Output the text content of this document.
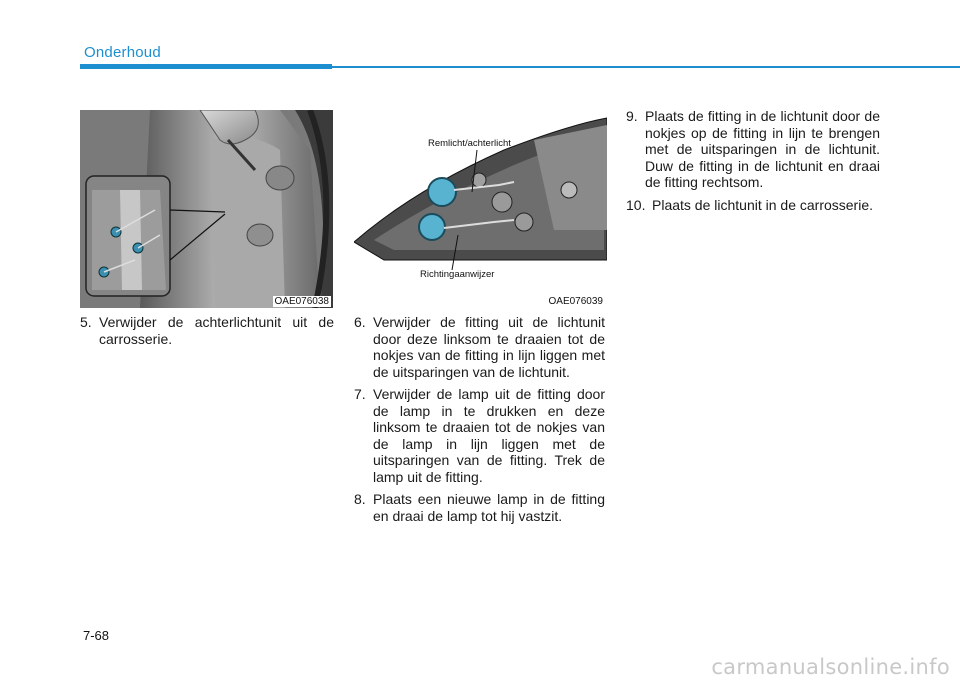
Onderhoud
OAE076038
Remlicht/achterlicht
Richtingaanwijzer
OAE076039
5. Verwijder de achterlichtunit uit de carrosserie.
6. Verwijder de fitting uit de lichtunit door deze linksom te draaien tot de nokjes van de fitting in lijn liggen met de uitsparingen van de lichtunit.
7. Verwijder de lamp uit de fitting door de lamp in te drukken en deze linksom te draaien tot de nokjes van de lamp in lijn liggen met de uitsparingen van de fitting. Trek de lamp uit de fitting.
8. Plaats een nieuwe lamp in de fitting en draai de lamp tot hij vastzit.
9. Plaats de fitting in de lichtunit door de nokjes op de fitting in lijn te brengen met de uitsparingen in de lichtunit. Duw de fitting in de lichtunit en draai de fitting rechtsom.
10. Plaats de lichtunit in de carrosserie.
7-68
carmanualsonline.info
